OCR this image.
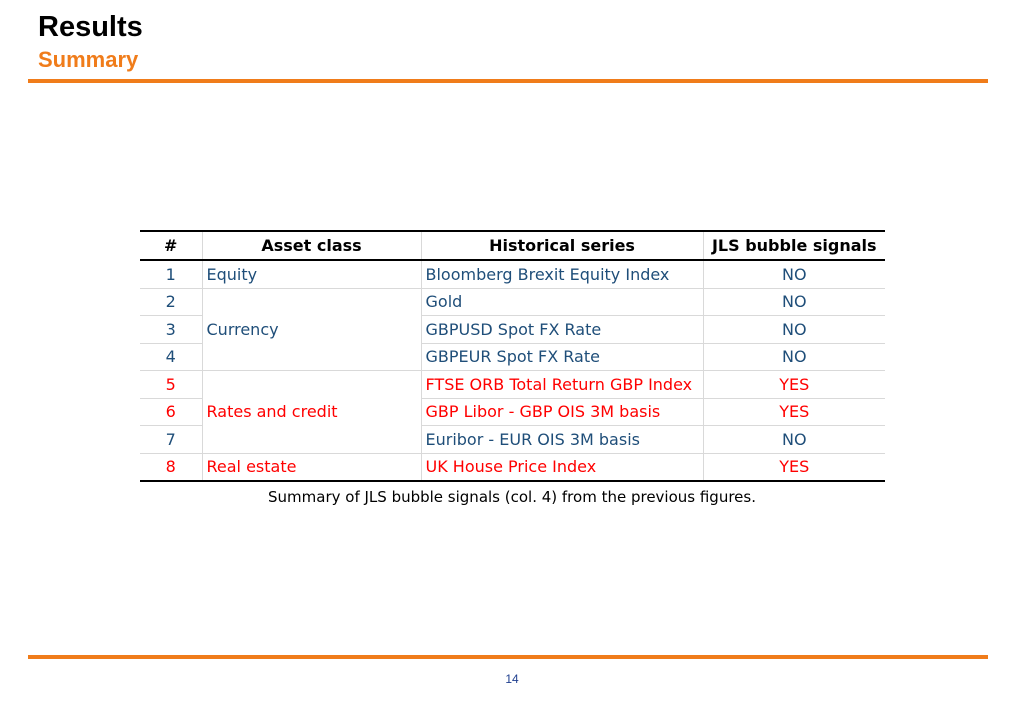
Results
Summary
#	Asset class	Historical series	JLS bubble signals
1	Equity	Bloomberg Brexit Equity Index	NO
2	Currency	Gold	NO
3		GBPUSD Spot FX Rate	NO
4		GBPEUR Spot FX Rate	NO
5	Rates and credit	FTSE ORB Total Return GBP Index	YES
6		GBP Libor - GBP OIS 3M basis	YES
7		Euribor - EUR OIS 3M basis	NO
8	Real estate	UK House Price Index	YES
Summary of JLS bubble signals (col. 4) from the previous figures.
14
